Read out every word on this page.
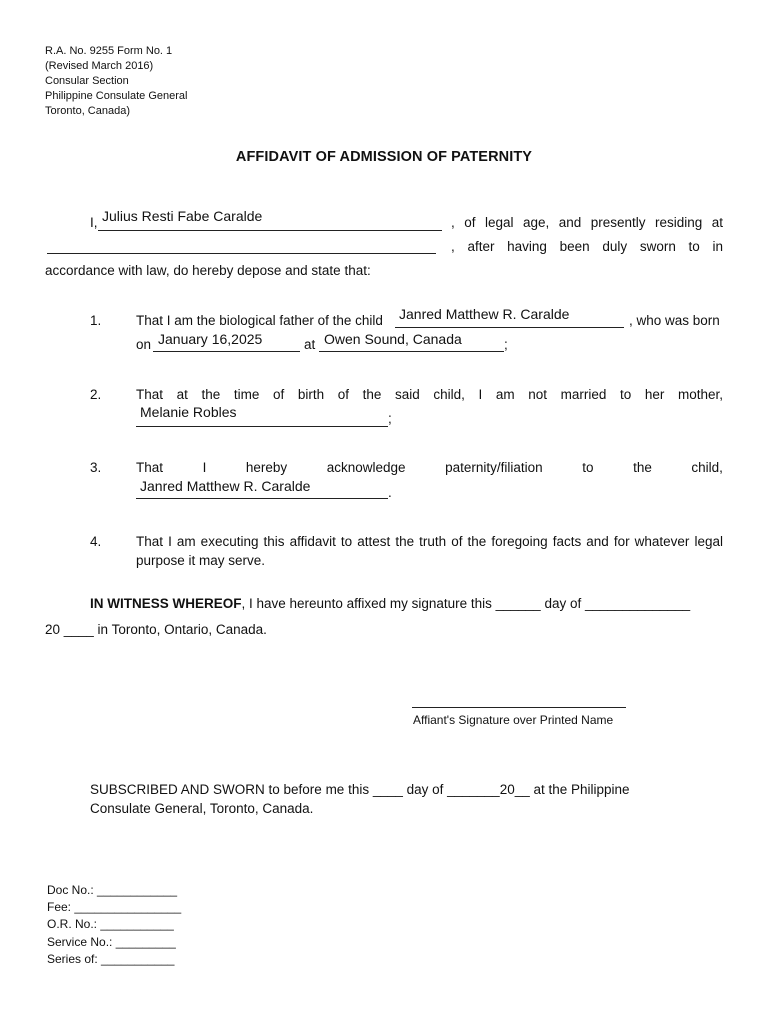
R.A. No. 9255 Form No. 1
(Revised March 2016)
Consular Section
Philippine Consulate General
Toronto, Canada)
AFFIDAVIT OF ADMISSION OF PATERNITY
I, Julius Resti Fabe Caralde	, of legal age, and presently residing at
, after having been duly sworn to in
accordance with law, do hereby depose and state that:
1.	That I am the biological father of the child Janred Matthew R. Caralde	, who was born
on January 16,2025	at Owen Sound, Canada	;
2.	That at the time of birth of the said child, I am not married to her mother,
Melanie Robles	;
3.	That	I	hereby	acknowledge	paternity/filiation	to	the	child,
Janred Matthew R. Caralde	.
4.	That I am executing this affidavit to attest the truth of the foregoing facts and for whatever legal
purpose it may serve.
IN WITNESS WHEREOF, I have hereunto affixed my signature this ______ day of ______________
20 ____ in Toronto, Ontario, Canada.
Affiant's Signature over Printed Name
SUBSCRIBED AND SWORN to before me this ____ day of _______20__ at the Philippine
Consulate General, Toronto, Canada.
Doc No.: ____________
Fee: ________________
O.R. No.: ___________
Service No.: _________
Series of: ___________
